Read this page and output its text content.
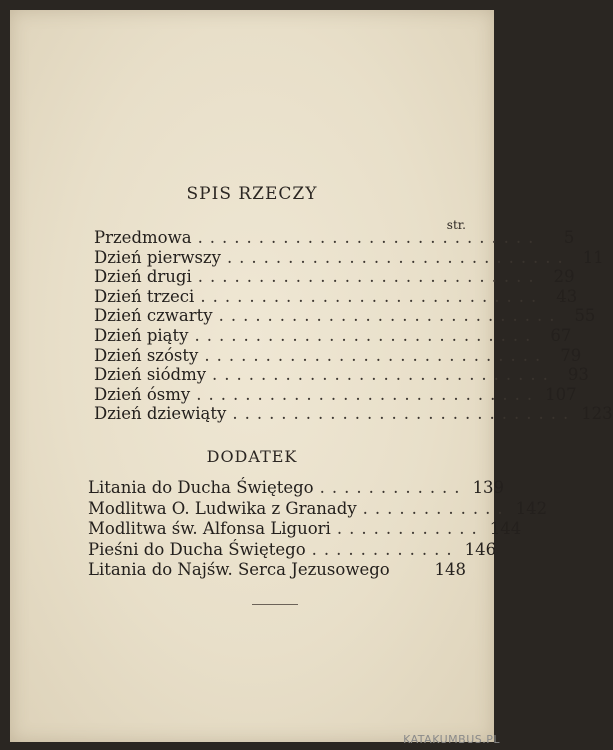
SPIS RZECZY
str.
Przedmowa ............................	5
Dzień pierwszy ............................ 11
Dzień drugi ............................ 29
Dzień trzeci ............................ 43
Dzień czwarty ............................ 55
Dzień piąty ............................ 67
Dzień szósty ............................ 79
Dzień siódmy ............................ 93
Dzień ósmy ............................ 107
Dzień dziewiąty ............................ 123
DODATEK
Litania do Ducha Świętego ............ 139
Modlitwa O. Ludwika z Granady ............ 142
Modlitwa św. Alfonsa Liguori ............ 144
Pieśni do Ducha Świętego ............ 146
Litania do Najśw. Serca Jezusowego	148
KATAKUMBUS.PL
